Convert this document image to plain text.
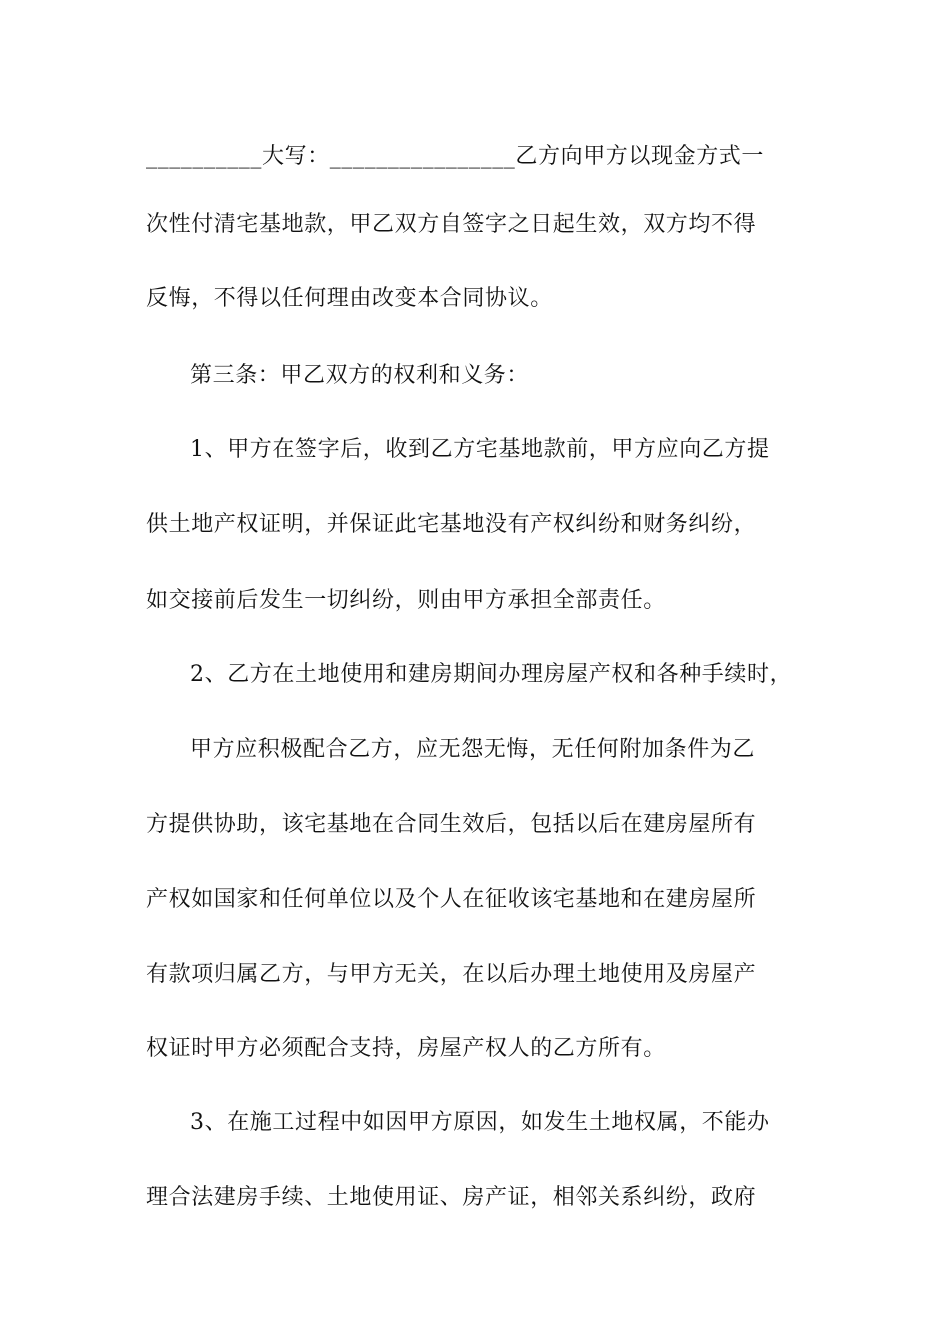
__________大写：________________乙方向甲方以现金方式一
次性付清宅基地款，甲乙双方自签字之日起生效，双方均不得
反悔，不得以任何理由改变本合同协议。
第三条：甲乙双方的权利和义务：
1、甲方在签字后，收到乙方宅基地款前，甲方应向乙方提
供土地产权证明，并保证此宅基地没有产权纠纷和财务纠纷，
如交接前后发生一切纠纷，则由甲方承担全部责任。
2、乙方在土地使用和建房期间办理房屋产权和各种手续时，
甲方应积极配合乙方，应无怨无悔，无任何附加条件为乙
方提供协助，该宅基地在合同生效后，包括以后在建房屋所有
产权如国家和任何单位以及个人在征收该宅基地和在建房屋所
有款项归属乙方，与甲方无关，在以后办理土地使用及房屋产
权证时甲方必须配合支持，房屋产权人的乙方所有。
3、在施工过程中如因甲方原因，如发生土地权属，不能办
理合法建房手续、土地使用证、房产证，相邻关系纠纷，政府
